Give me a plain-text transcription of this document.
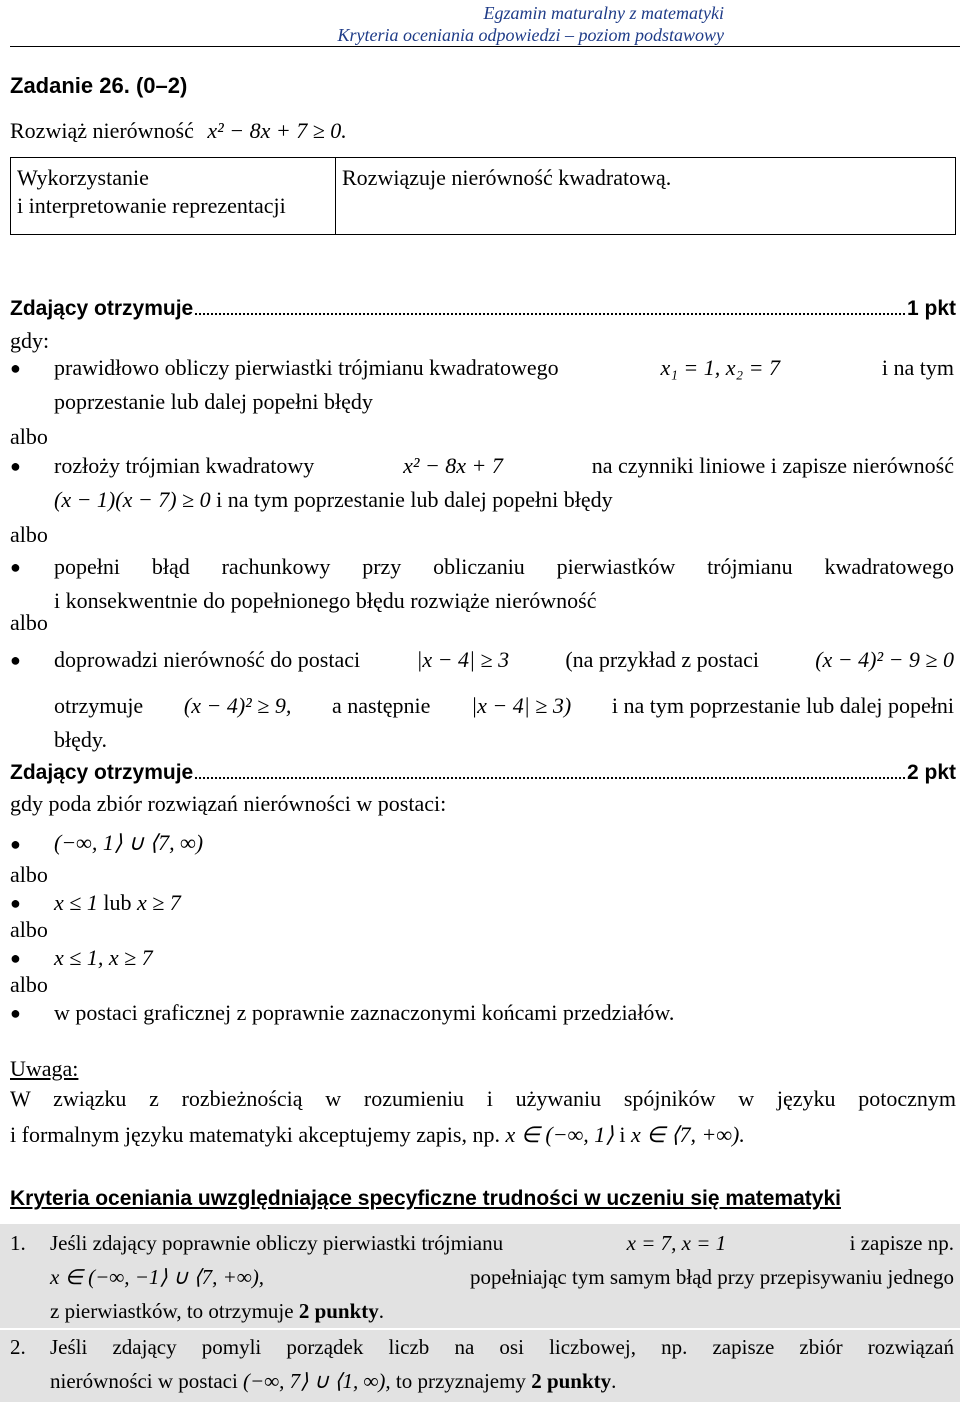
Egzamin maturalny z matematyki
Kryteria oceniania odpowiedzi – poziom podstawowy
Zadanie 26. (0–2)
Rozwiąż nierówność x² − 8x + 7 ≥ 0.
Wykorzystanie
i interpretowanie reprezentacji
	Rozwiązuje nierówność kwadratową.
Zdający otrzymuje	1 pkt
gdy:
● prawidłowo obliczy pierwiastki trójmianu kwadratowego	x₁ = 1, x₂ = 7	i na tym
poprzestanie lub dalej popełni błędy
albo
● rozłoży trójmian kwadratowy	x² − 8x + 7	na czynniki liniowe i zapisze nierówność
(x − 1)(x − 7) ≥ 0 i na tym poprzestanie lub dalej popełni błędy
albo
● popełni błąd rachunkowy przy obliczaniu pierwiastków trójmianu kwadratowego
i konsekwentnie do popełnionego błędu rozwiąże nierówność
albo
● doprowadzi nierówność do postaci	|x − 4| ≥ 3	(na przykład z postaci	(x − 4)² − 9 ≥ 0
otrzymuje (x − 4)² ≥ 9, a następnie |x − 4| ≥ 3) i na tym poprzestanie lub dalej popełni
błędy.
Zdający otrzymuje	2 pkt
gdy poda zbiór rozwiązań nierówności w postaci:
● (−∞, 1⟩ ∪ ⟨7, ∞)
albo
● x ≤ 1 lub x ≥ 7
albo
● x ≤ 1, x ≥ 7
albo
● w postaci graficznej z poprawnie zaznaczonymi końcami przedziałów.
Uwaga:
W związku z rozbieżnością w rozumieniu i używaniu spójników w języku potocznym
i formalnym języku matematyki akceptujemy zapis, np. x ∈ (−∞, 1⟩ i x ∈ ⟨7, +∞).
Kryteria oceniania uwzględniające specyficzne trudności w uczeniu się matematyki
1. Jeśli zdający poprawnie obliczy pierwiastki trójmianu	x = 7, x = 1	i zapisze np.
x ∈ (−∞, −1⟩ ∪ ⟨7, +∞),	popełniając tym samym błąd przy przepisywaniu jednego
z pierwiastków, to otrzymuje 2 punkty.
2. Jeśli zdający pomyli porządek liczb na osi liczbowej, np. zapisze zbiór rozwiązań
nierówności w postaci (−∞, 7⟩ ∪ ⟨1, ∞), to przyznajemy 2 punkty.
